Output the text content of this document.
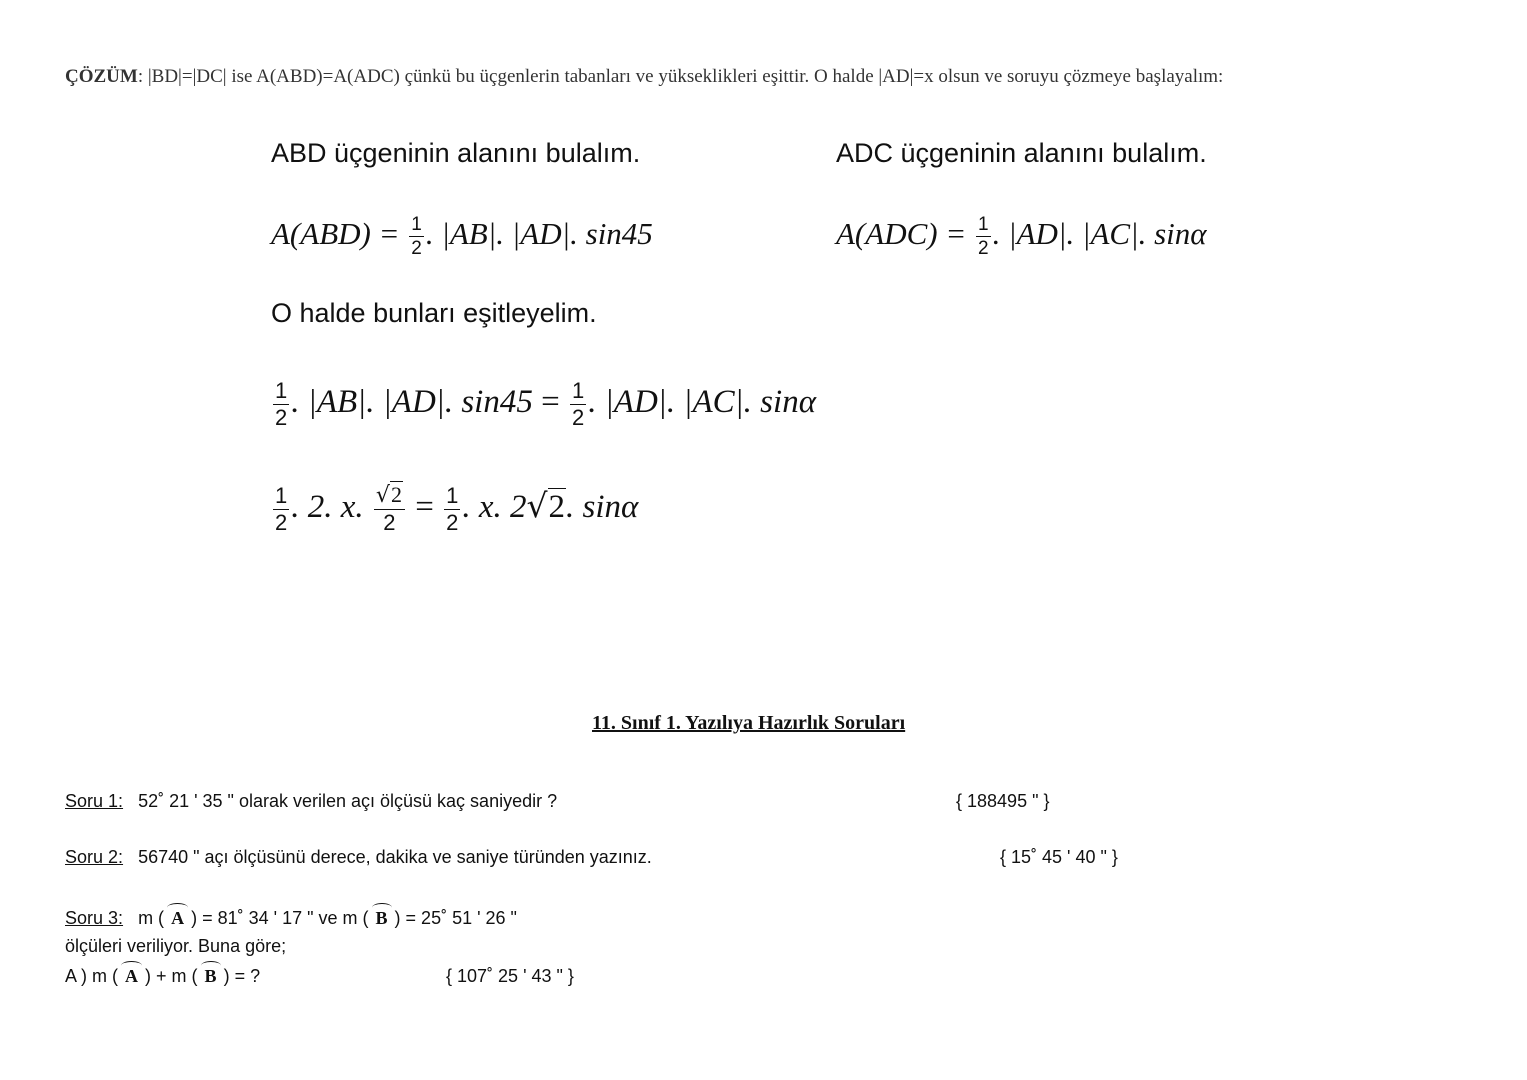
ÇÖZÜM: |BD|=|DC| ise A(ABD)=A(ADC) çünkü bu üçgenlerin tabanları ve yükseklikleri eşittir. O halde |AD|=x olsun ve soruyu çözmeye başlayalım:
ABD üçgeninin alanını bulalım.	ADC üçgeninin alanını bulalım.
$A(ABD) = \frac{1}{2}$ . |AB|. |AD|. sin45	$A(ADC) = \frac{1}{2}$ . |AD|. |AC|. sinα
O halde bunları eşitleyelim.
$\frac{1}{2}$ . |AB|. |AD|. $\sin 45 = \frac{1}{2}$ . |AD|. |AC|. sinα
$\frac{1}{2}$ . 2. x. $\frac{√2}{2} = \frac{1}{2}$ . x. 2√2. sinα
11. Sınıf 1. Yazılıya Hazırlık Soruları
Soru 1: 52˚ 21 ' 35 " olarak verilen açı ölçüsü kaç saniyedir ?	{ 188495 " }
Soru 2: 56740 " açı ölçüsünü derece, dakika ve saniye türünden yazınız.	{ 15˚ 45 ' 40 " }
Soru 3: m ( A ) = 81˚ 34 ' 17 " ve m ( B ) = 25˚ 51 ' 26 "
ölçüleri veriliyor. Buna göre;
A ) m ( A ) + m ( B ) = ?	{ 107˚ 25 ' 43 " }
